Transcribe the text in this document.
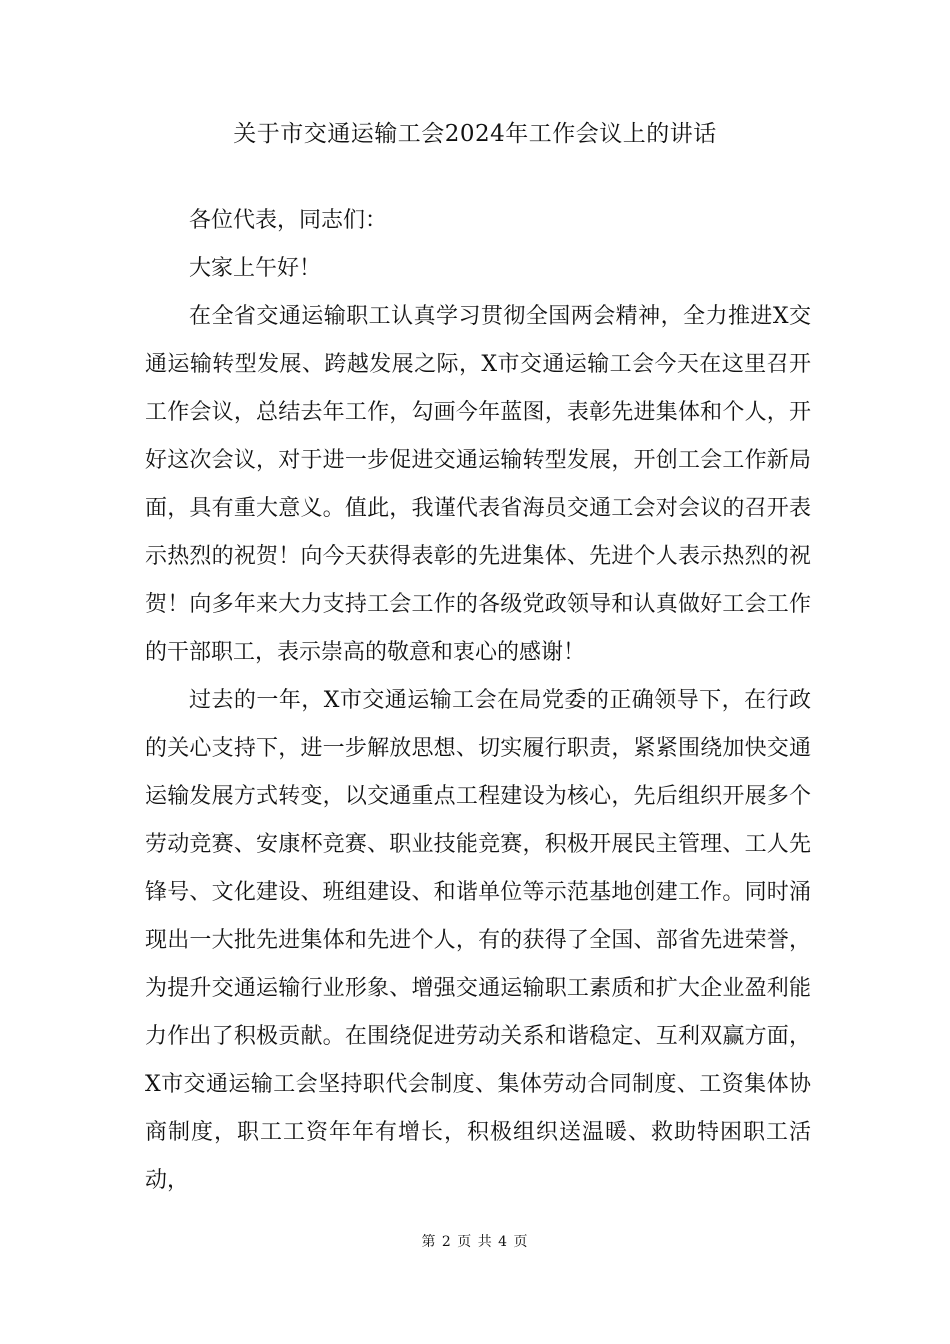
关于市交通运输工会2024年工作会议上的讲话

各位代表，同志们：

大家上午好！

在全省交通运输职工认真学习贯彻全国两会精神，全力推进X交通运输转型发展、跨越发展之际，X市交通运输工会今天在这里召开工作会议，总结去年工作，勾画今年蓝图，表彰先进集体和个人，开好这次会议，对于进一步促进交通运输转型发展，开创工会工作新局面，具有重大意义。值此，我谨代表省海员交通工会对会议的召开表示热烈的祝贺！向今天获得表彰的先进集体、先进个人表示热烈的祝贺！向多年来大力支持工会工作的各级党政领导和认真做好工会工作的干部职工，表示崇高的敬意和衷心的感谢！

过去的一年，X市交通运输工会在局党委的正确领导下，在行政的关心支持下，进一步解放思想、切实履行职责，紧紧围绕加快交通运输发展方式转变，以交通重点工程建设为核心，先后组织开展多个劳动竞赛、安康杯竞赛、职业技能竞赛，积极开展民主管理、工人先锋号、文化建设、班组建设、和谐单位等示范基地创建工作。同时涌现出一大批先进集体和先进个人，有的获得了全国、部省先进荣誉，为提升交通运输行业形象、增强交通运输职工素质和扩大企业盈利能力作出了积极贡献。在围绕促进劳动关系和谐稳定、互利双赢方面，X市交通运输工会坚持职代会制度、集体劳动合同制度、工资集体协商制度，职工工资年年有增长，积极组织送温暖、救助特困职工活动，

第 2 页 共 4 页
